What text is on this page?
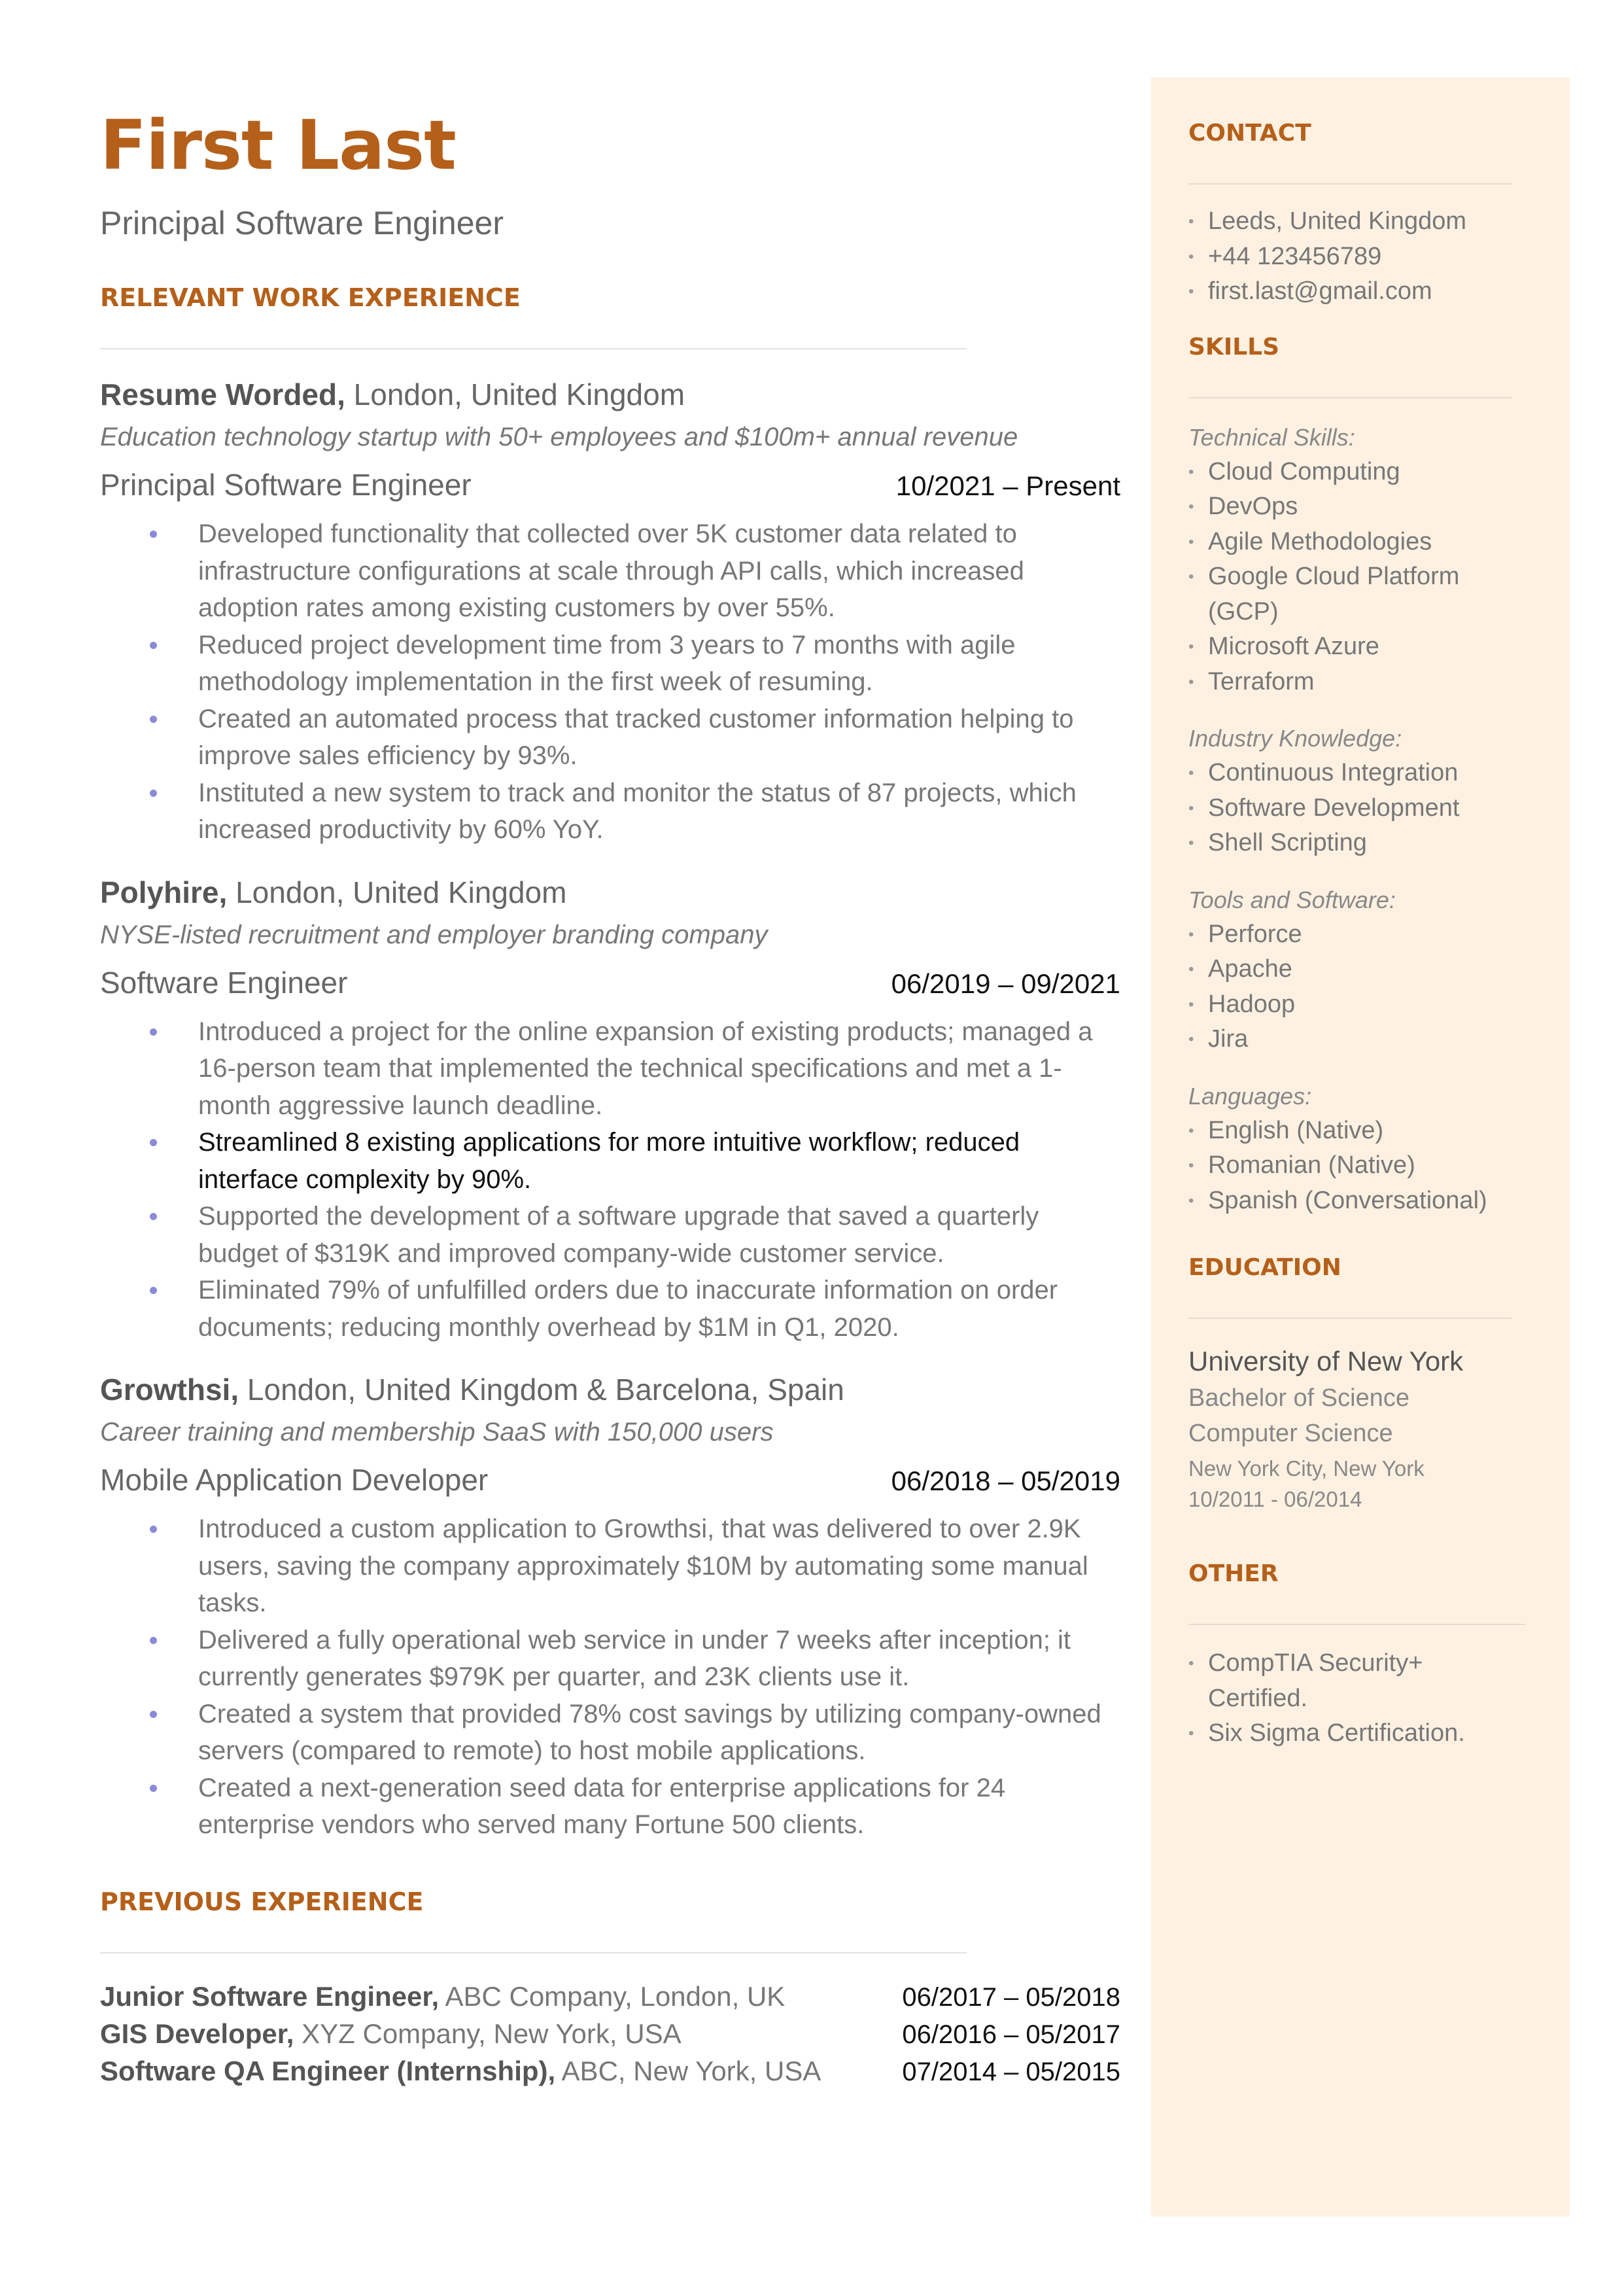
First Last
Principal Software Engineer
RELEVANT WORK EXPERIENCE
Resume Worded, London, United Kingdom
Education technology startup with 50+ employees and $100m+ annual revenue
Principal Software Engineer	10/2021 – Present
Developed functionality that collected over 5K customer data related to infrastructure configurations at scale through API calls, which increased adoption rates among existing customers by over 55%.
Reduced project development time from 3 years to 7 months with agile methodology implementation in the first week of resuming.
Created an automated process that tracked customer information helping to improve sales efficiency by 93%.
Instituted a new system to track and monitor the status of 87 projects, which increased productivity by 60% YoY.
Polyhire, London, United Kingdom
NYSE-listed recruitment and employer branding company
Software Engineer	06/2019 – 09/2021
Introduced a project for the online expansion of existing products; managed a 16-person team that implemented the technical specifications and met a 1-month aggressive launch deadline.
Streamlined 8 existing applications for more intuitive workflow; reduced interface complexity by 90%.
Supported the development of a software upgrade that saved a quarterly budget of $319K and improved company-wide customer service.
Eliminated 79% of unfulfilled orders due to inaccurate information on order documents; reducing monthly overhead by $1M in Q1, 2020.
Growthsi, London, United Kingdom & Barcelona, Spain
Career training and membership SaaS with 150,000 users
Mobile Application Developer	06/2018 – 05/2019
Introduced a custom application to Growthsi, that was delivered to over 2.9K users, saving the company approximately $10M by automating some manual tasks.
Delivered a fully operational web service in under 7 weeks after inception; it currently generates $979K per quarter, and 23K clients use it.
Created a system that provided 78% cost savings by utilizing company-owned servers (compared to remote) to host mobile applications.
Created a next-generation seed data for enterprise applications for 24 enterprise vendors who served many Fortune 500 clients.
PREVIOUS EXPERIENCE
Junior Software Engineer, ABC Company, London, UK	06/2017 – 05/2018
GIS Developer, XYZ Company, New York, USA	06/2016 – 05/2017
Software QA Engineer (Internship), ABC, New York, USA	07/2014 – 05/2015
CONTACT
• Leeds, United Kingdom
• +44 123456789
• first.last@gmail.com
SKILLS
Technical Skills:
• Cloud Computing
• DevOps
• Agile Methodologies
• Google Cloud Platform (GCP)
• Microsoft Azure
• Terraform
Industry Knowledge:
• Continuous Integration
• Software Development
• Shell Scripting
Tools and Software:
• Perforce
• Apache
• Hadoop
• Jira
Languages:
• English (Native)
• Romanian (Native)
• Spanish (Conversational)
EDUCATION
University of New York
Bachelor of Science
Computer Science
New York City, New York
10/2011 - 06/2014
OTHER
• CompTIA Security+ Certified.
• Six Sigma Certification.
